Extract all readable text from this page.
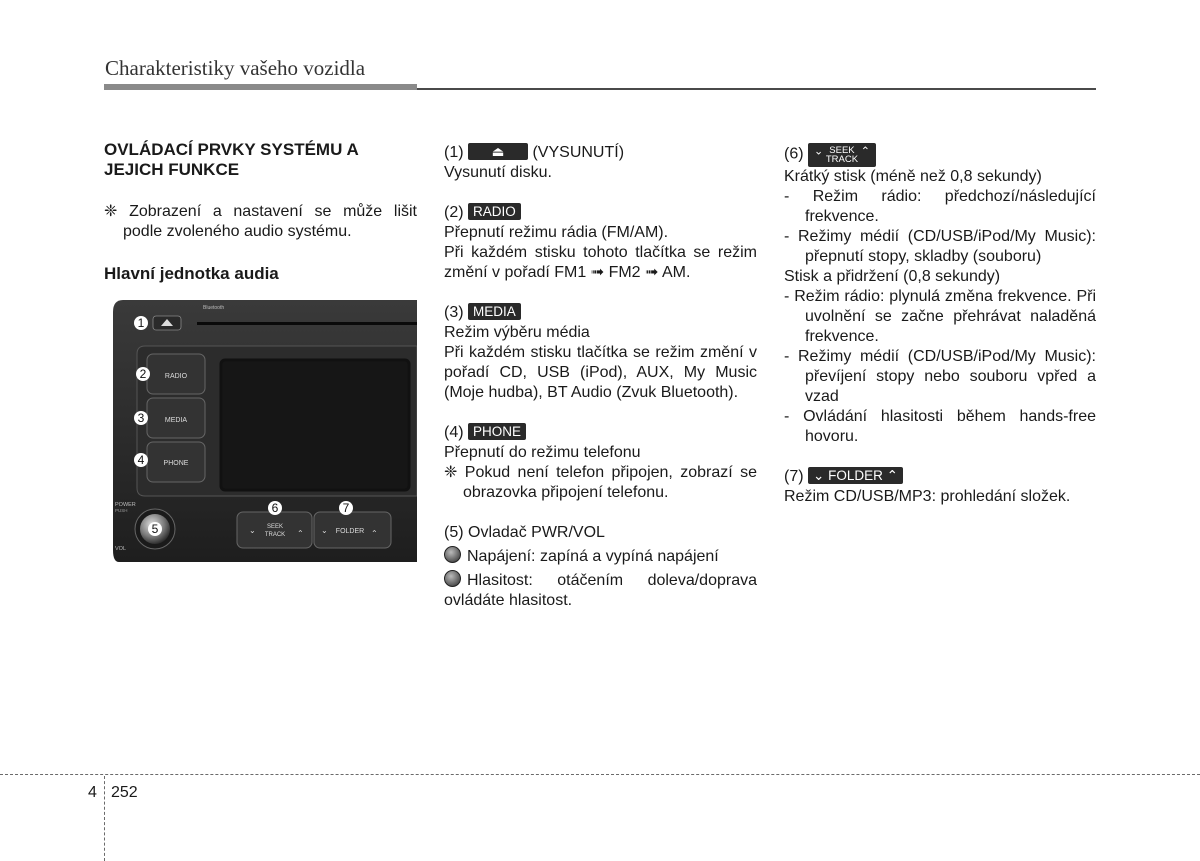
Charakteristiky vašeho vozidla

OVLÁDACÍ PRVKY SYSTÉMU A JEJICH FUNKCE

❈ Zobrazení a nastavení se může lišit podle zvoleného audio systému.

Hlavní jednotka audia

Bluetooth
RADIO
MEDIA
PHONE
POWER
PUSH
VOL
SEEK
TRACK
⌄	⌃	FOLDER
⌄	⌃
1
2
3
4
5
6	7
(1) ⏏ (VYSUNUTÍ)

Vysunutí disku.

(2) RADIO

Přepnutí režimu rádia (FM/AM).

Při každém stisku tohoto tlačítka se režim změní v pořadí FM1 ➟ FM2 ➟ AM.

(3) MEDIA

Režim výběru média

Při každém stisku tlačítka se režim změní v pořadí CD, USB (iPod), AUX, My Music (Moje hudba), BT Audio (Zvuk Bluetooth).

(4) PHONE

Přepnutí do režimu telefonu

❈ Pokud není telefon připojen, zobrazí se obrazovka připojení telefonu.

(5) Ovladač PWR/VOL

Napájení: zapíná a vypíná napájení

Hlasitost: otáčením doleva/doprava ovládáte hlasitost.

(6) ⌄ SEEK
TRACK ⌃

Krátký stisk (méně než 0,8 sekundy)

- Režim rádio: předchozí/následující frekvence.

- Režimy médií (CD/USB/iPod/My Music): přepnutí stopy, skladby (souboru)

Stisk a přidržení (0,8 sekundy)

- Režim rádio: plynulá změna frekvence. Při uvolnění se začne přehrávat naladěná frekvence.

- Režimy médií (CD/USB/iPod/My Music): převíjení stopy nebo souboru vpřed a vzad

- Ovládání hlasitosti během hands-free hovoru.

(7) ⌄ FOLDER ⌃

Režim CD/USB/MP3: prohledání složek.

4 252
